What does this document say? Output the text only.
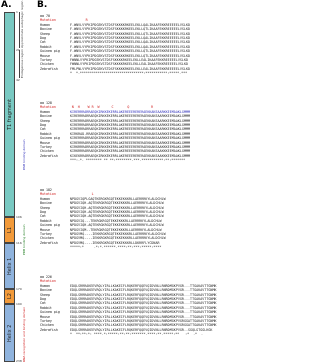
A.	B.
T1 fragment
L1
Helix 1
L2
Helix 2
1
20
42
106
116
170
190
238
Approximate autophagic region
Endogenous region
PAM binding domain
PDB binding domain
RNA recognition and binding domain
aa 70
Mutation               R
Human	F-WNVLVYPKIPDGEKVSTDSFSKKKKRKEELEKLLQALIKAAFEKKREEEEELVSLKD
Bovine	F-WNVLVYPKIPDGEKVSTDSFSKKKKRKEELEKLLQTLIKAAFEKKREEEEELVSLKD
Sheep	F-WNVLVYPKIPDGEKVSTDSFSKKKKRKEELEKLLQTLIKAAFEKKREEEEELVSLKD
Dog	F-WNVLVYPKIPDGEKVSTDSFSKKKKRKEELEKLLQALIKAAFEKKREEEEELVSLKD
Cat	F-WNVLVYPKIPDGEKVSTDSFSKKKKRKEELEKLLQALIKAAFEKKREEEEELVSLKD
Rabbit	F-WNVLVYPKIPDGEKVSTDSFSKKKKRKEELEKLLQALIKAAFEKKREEEEELVSLKD
Guinea pig	F-WNVLVYPKIPDGEKVSTDSFSKKKKRKEELEKLLQTLIKAAFEKKREEEEELVSLKD
Mouse	F-WNVLVYPKIPDGEKVSTDSFSKKKKRKEELEKLLQTLIKAAFEKKREEEEELVSLKD
Turkey	FWNNLVYPKIPDGEKVSTDSFSKKKKRKEELEKLLEALIKAAFEKKREEEEELVSLKD
Chicken	FWNNLVYPKIPDGEKVSTDSFSKKKKRKEELEKLLEALIKAAFEKKREEEEELVSLKD
Zebrafish	FMLPNLVYPKIPDGEKVSTDSFSKKKKRKEELEKLLEALIKAAFEKKREEEEELVSLKD
*  *.********************************:***********:*****.***
aa 128
Mutation        N  H    W R  W      C       Q           R
Human	KIRERRRARRAEQKIRKKEKERRLAKEREEERERERAEKKAKEAARKKEEMAAKLGMMM
Bovine	KIRERRRARRAEQKIRKKEKERRLAKEREEERERERAEKKAKEAARKKEEMAAKLGMMM
Sheep	KIRERRRARRAEQKIRKKEKERRLAKEREEERERERAEKKAKEAARKKEEMAAKLGMMM
Dog	KIRERRRARRAEQKIRKKEKERRLAKEREEERERERAEKKAKEAARKKEEMAAKLGMMM
Cat	KIRERRRARRAEQKIRKKEKERRLAKEREEERERERAEKKAKEAARKKEEMAAKLGMMM
Rabbit	KIRKRAD-RRAEQKIRKKEKERRLAKEREEERERERAEKKAKEAARKKEEMAAKLGMMM
Guinea pig	KIRERRRARRAEQKIRKKEKERRLAKEREEERERERAEKKAKEAARKKEEMAAKLGMMM
Mouse	KIRERRRARRAEQKIRKKEKERRLAKEREEERERERAEKKAKEAARKKEEMAAKLGMMM
Turkey	KIRKRRRARRAEQKIRKKEKERRLAKEREEERERERAEKKAKEAAKKKEEMAAKLGMMM
Chicken	KIRKRRRARRAEQKIRKKEKERRLAKEREEERERERAEKKAKEAAKKKEEMAAKLGMMM
Zebrafish	KIKEKRRARRAEQKIRKKEKERRLAKEREEERERERAEKKAKEAAKKKEEMAAKLGMMM
***:.*. ******** ** **:********.***.***********:**:*******
aa 182
Mutation                  L
Human	NPDGVIQPLGAQTKERGKRGQTEKKEKKKRLLAERRRKYLALDCHLW
Bovine	NPDGVIQH-AQTEKRGKRGQTEKKEKKKRLLAERRRKYLALDCHLW
Sheep	NPDGVIQH-AQTEKRGKRGQTEKKEKKKRLLAERRRKYLALDCHLW
Dog	NPDGVIQH-AQTEKRGKRGQTEKKEKKKRLLAERRRKYLALDCHLW
Cat	NPDGVIQH-AQTEKRGKRGQTEKKEKKKRLLAERRRKYLALDCHLW
Rabbit	NPDGVIQ---TEKRGKRGQTEKKEKKKRLLAERRRKYLALDCHLW
Guinea pig	NPDGVIQH-AQTEKRGKRGQTEKKEKKKRLLAERRRKYLALDCHLW
Mouse	NPDGVIQM--TEKRGKRGQTEKKEKKKRLLAERRRKYLALDCHLW
Turkey	NPDGVMQ----IEKKRGKRGQTEKKEKKKRLLAERRRKYLALDCHLW
Chicken	NPDGVMQ----IEKKRGKRGQTEKKEKKKRLLAERRRKYLALDCHLW
Zebrafish	NPDGVMQ----IEKKRGKRGQTEKKEKKKRLLDKRRFLYCDNAR
*****:*     .*:*.******.****:**:***:*****:****
aa 226
Mutation
Human	EDQLSRRRAKEEVRQLYIRLLKAKEIFLRQKERFQQEVQIDVNLLRNRDMGKPVGR---TTGAKAVTTGNMK
Bovine	EDQLSRRRAKEEVRQLYIRLLKAKEIFLRQKERFQQEVQIDVNLLRNRDMGKPVGR---TTGAKAVTTGNMK
Sheep	EDQLSRRRAKEEVRQLYIRLLKAKEIFLRQKERFQQEVQIDVNLLRNRDMGKPVGR---TTGAKAVTTGNMK
Dog	EDQLSRRRAKEEVRQLYIRLLKAKEIFLRQKERFQQEVQIDVNLLRNRDMGKPVGR---TTGAKAVTTGNMK
Cat	EDQLSRRRAKEEVRQLYIRLLKAKEIFLRQKERFQQEVQIDVNLLRNRDMGKPVGR---TTGAKAVTTGNMK
Rabbit	EDQLSRRRAKEEVRQLYIRLLKAKEIFLRQKERFQQEVQIDVNLLRNRDMGKPVGR---TTGAKAVTTGNMK
Guinea pig	EDQLSRRRAKEEVRQLYIRLLKAKEIFLRQKERFQQEVQIDVNLLRNRDMGKPVGR---TTGAKAVTTGNMK
Mouse	EDQLSRRRAKEEVRQLYIRLLKAKEIFLRQKERFQQEVQIDVNLLRNRDMGKPVGR---TTGAKAVTTGNMK
Turkey	EDQLSRRRAKEEVRQLYIRLLKAKEIFLRQKERFQQEVQIDVNLLRNRDMGKPVGRGGATTGAKAVTTGNMK
Chicken	EDQLSRRRAKEEVRQLYIRLLKAKEIFLRQKERFQQEVQIDVNLLRNRDMGKPVGRGGATTGAKAVTTGNMK
Zebrafish	EDQLSRRRAKEEVRQLYIRLLKAKEIFLRQKERFQQEVQIDVNLLRNRDMGKPVGR--SGQLGTGGLKGK
*  **:**:*: ****.*:*****:**:**:*******.****:**.*****:**   :*  .*  .
